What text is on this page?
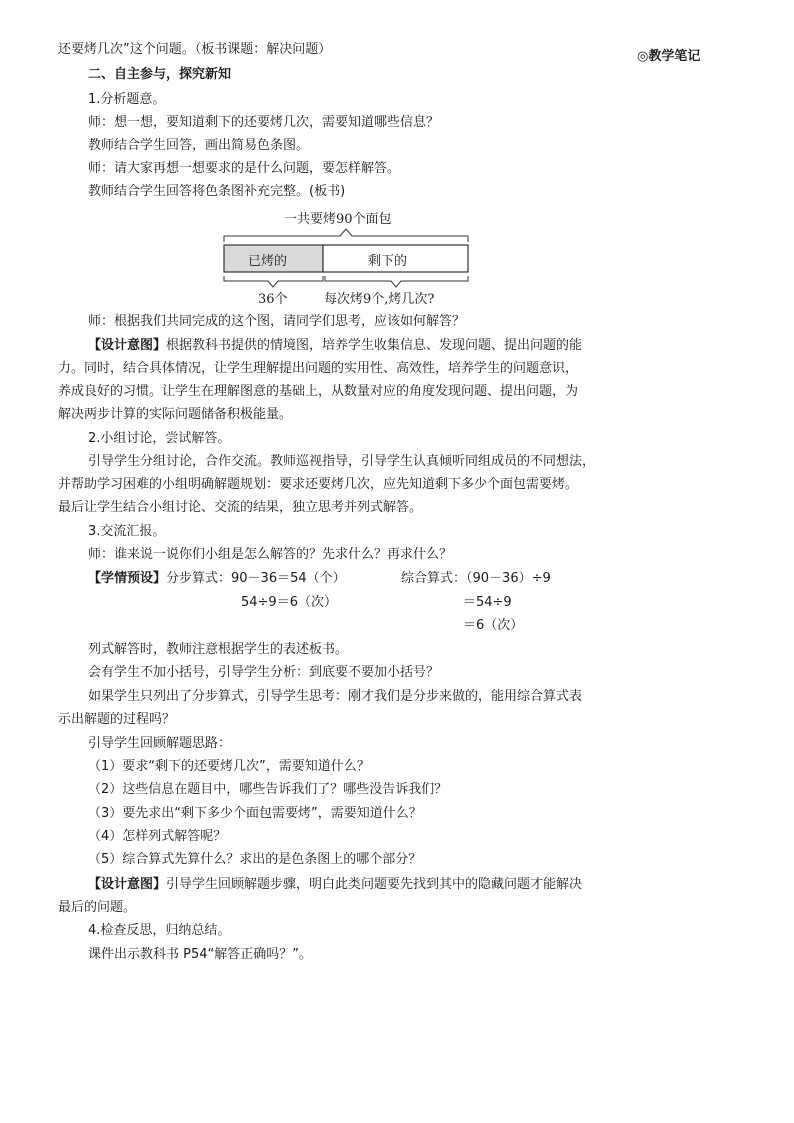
还要烤几次”这个问题。（板书课题：解决问题）	◎教学笔记
二、自主参与，探究新知
1.分析题意。
师：想一想，要知道剩下的还要烤几次，需要知道哪些信息？
教师结合学生回答，画出简易色条图。
师：请大家再想一想要求的是什么问题，要怎样解答。
教师结合学生回答将色条图补充完整。(板书)
一共要烤90个面包
已烤的	剩下的
36个	每次烤9个,烤几次?
师：根据我们共同完成的这个图，请同学们思考，应该如何解答？
【设计意图】根据教科书提供的情境图，培养学生收集信息、发现问题、提出问题的能
力。同时，结合具体情况，让学生理解提出问题的实用性、高效性，培养学生的问题意识，
养成良好的习惯。让学生在理解图意的基础上，从数量对应的角度发现问题、提出问题，为
解决两步计算的实际问题储备积极能量。
2.小组讨论，尝试解答。
引导学生分组讨论，合作交流。教师巡视指导，引导学生认真倾听同组成员的不同想法，
并帮助学习困难的小组明确解题规划：要求还要烤几次，应先知道剩下多少个面包需要烤。
最后让学生结合小组讨论、交流的结果，独立思考并列式解答。
3.交流汇报。
师：谁来说一说你们小组是怎么解答的？先求什么？再求什么？
【学情预设】分步算式：90－36＝54（个）	综合算式：（90－36）÷9
54÷9＝6（次）	＝54÷9
＝6（次）
列式解答时，教师注意根据学生的表述板书。
会有学生不加小括号，引导学生分析：到底要不要加小括号？
如果学生只列出了分步算式，引导学生思考：刚才我们是分步来做的，能用综合算式表
示出解题的过程吗？
引导学生回顾解题思路：
（1）要求“剩下的还要烤几次”，需要知道什么？
（2）这些信息在题目中，哪些告诉我们了？哪些没告诉我们？
（3）要先求出“剩下多少个面包需要烤”，需要知道什么？
（4）怎样列式解答呢？
（5）综合算式先算什么？求出的是色条图上的哪个部分？
【设计意图】引导学生回顾解题步骤，明白此类问题要先找到其中的隐藏问题才能解决
最后的问题。
4.检查反思，归纳总结。
课件出示教科书 P54“解答正确吗？”。
